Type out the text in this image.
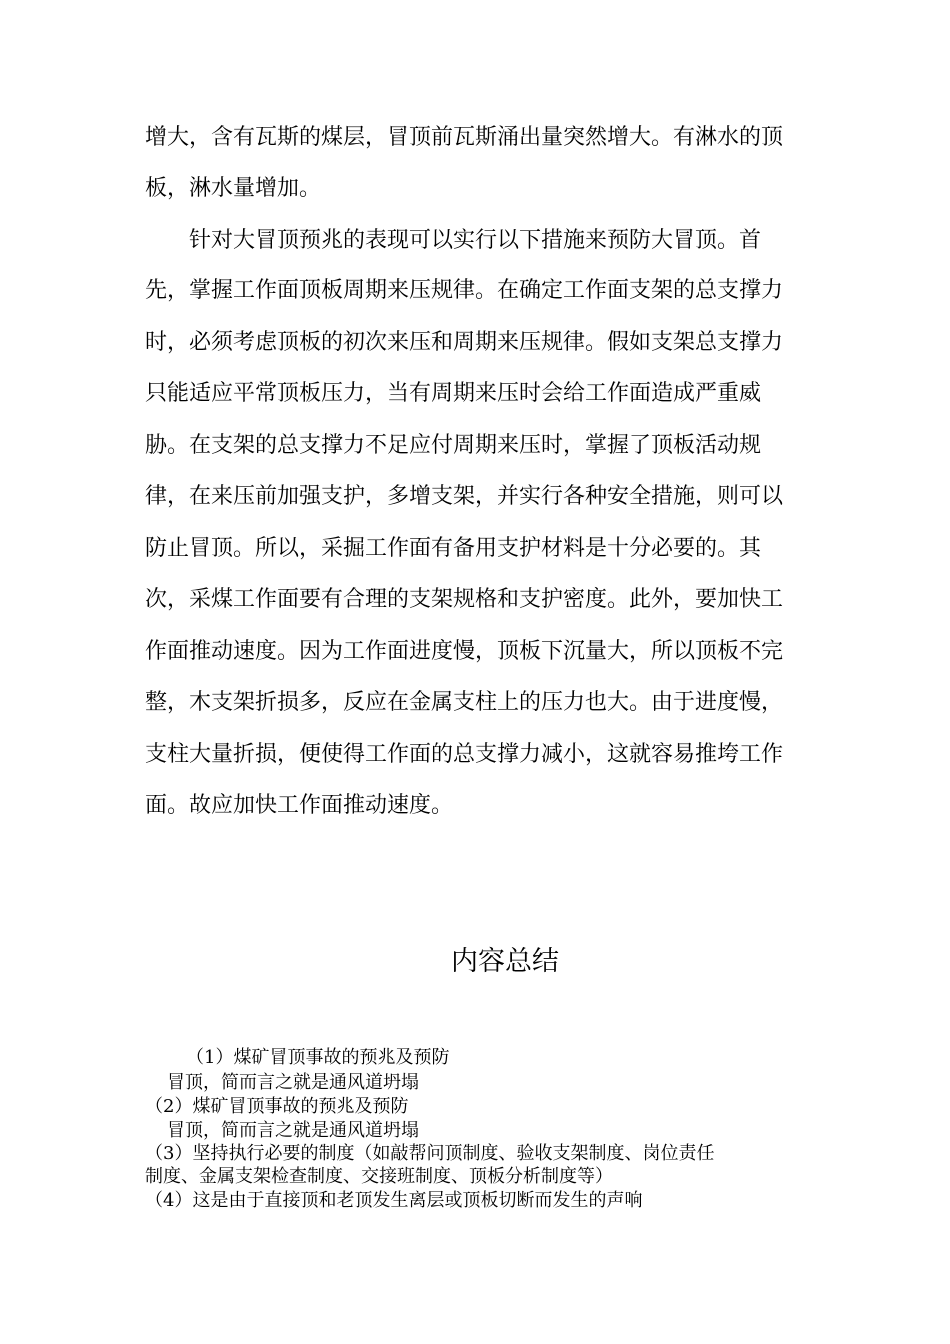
增大，含有瓦斯的煤层，冒顶前瓦斯涌出量突然增大。有淋水的顶
板，淋水量增加。
针对大冒顶预兆的表现可以实行以下措施来预防大冒顶。首
先，掌握工作面顶板周期来压规律。在确定工作面支架的总支撑力
时，必须考虑顶板的初次来压和周期来压规律。假如支架总支撑力
只能适应平常顶板压力，当有周期来压时会给工作面造成严重威
胁。在支架的总支撑力不足应付周期来压时，掌握了顶板活动规
律，在来压前加强支护，多增支架，并实行各种安全措施，则可以
防止冒顶。所以，采掘工作面有备用支护材料是十分必要的。其
次，采煤工作面要有合理的支架规格和支护密度。此外，要加快工
作面推动速度。因为工作面进度慢，顶板下沉量大，所以顶板不完
整，木支架折损多，反应在金属支柱上的压力也大。由于进度慢，
支柱大量折损，便使得工作面的总支撑力减小，这就容易推垮工作
面。故应加快工作面推动速度。
内容总结
（1）煤矿冒顶事故的预兆及预防
冒顶，简而言之就是通风道坍塌
（2）煤矿冒顶事故的预兆及预防
冒顶，简而言之就是通风道坍塌
（3）坚持执行必要的制度（如敲帮问顶制度、验收支架制度、岗位责任
制度、金属支架检查制度、交接班制度、顶板分析制度等）
（4）这是由于直接顶和老顶发生离层或顶板切断而发生的声响
